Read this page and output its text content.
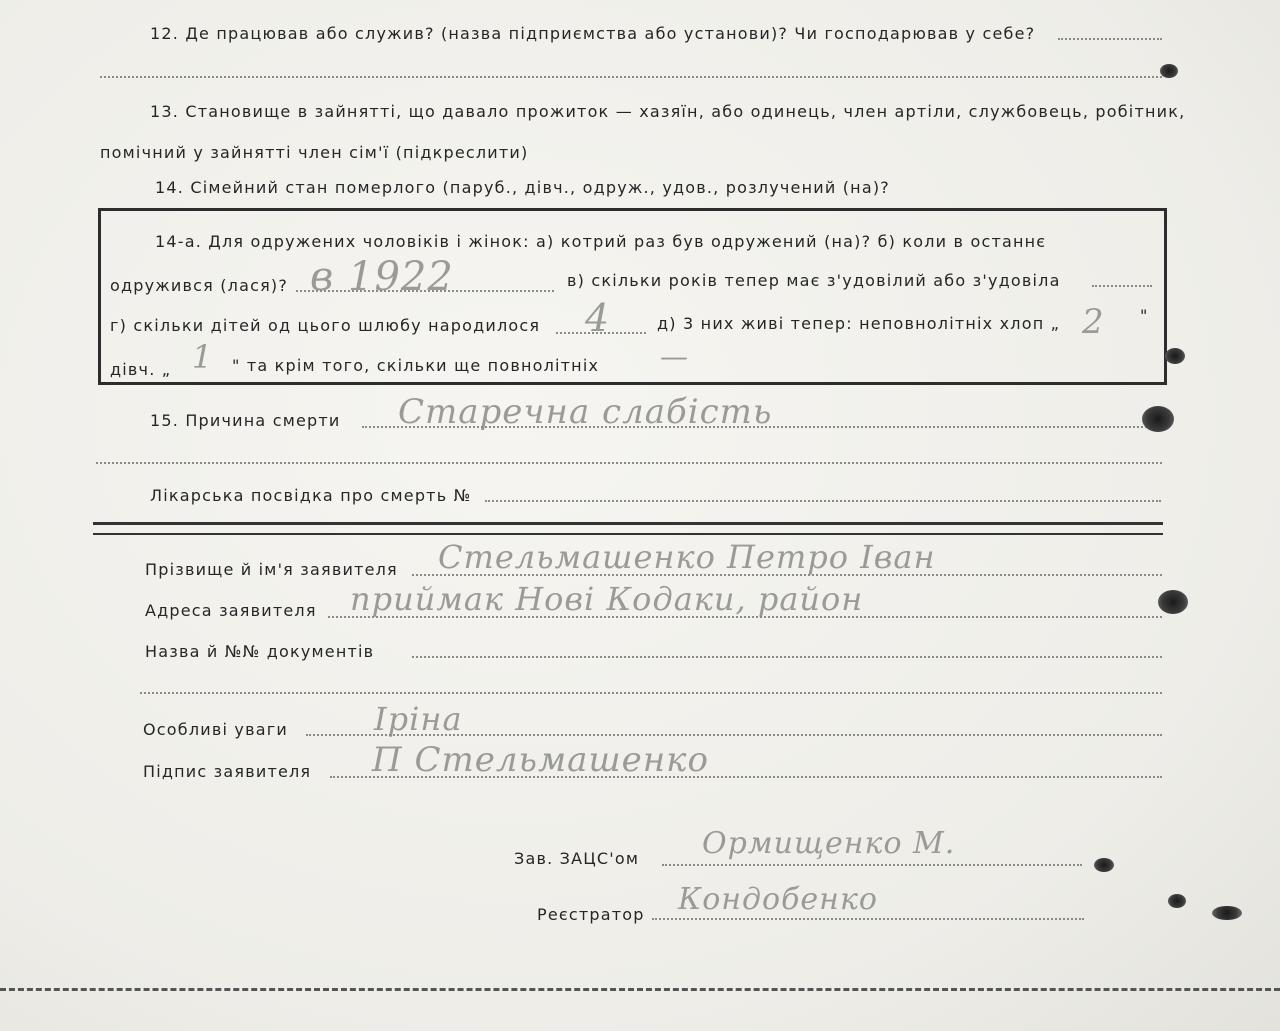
12. Де працював або служив? (назва підприємства або установи)? Чи господарював у себе?
13. Становище в зайнятті, що давало прожиток — хазяїн, або одинець, член артіли, службовець, робітник,
помічний у зайнятті член сім'ї (підкреслити)
14. Сімейний стан померлого (паруб., дівч., одруж., удов., розлучений (на)?
14-а. Для одружених чоловіків і жінок: а) котрий раз був одружений (на)? б) коли в останнє
одружився (лася)? в 1922	в) скільки років тепер має з'удовілий або з'удовіла
г) скільки дітей од цього шлюбу народилося 4	д) 3 них живі тепер: неповнолітніх хлоп „ 2 "
дівч. „ 1 " та крім того, скільки ще повнолітніх —
15. Причина смерти Старечна слабість
Лікарська посвідка про смерть №
Прізвище й ім'я заявителя Стельмашенко Петро Іван
Адреса заявителя приймак Нові Кодаки, район
Назва й №№ документів
Особливі уваги	Іріна
Підпис заявителя П Стельмашенко
Зав. ЗАЦС'ом Ормищенко М.
Реєстратор Кондобенко
